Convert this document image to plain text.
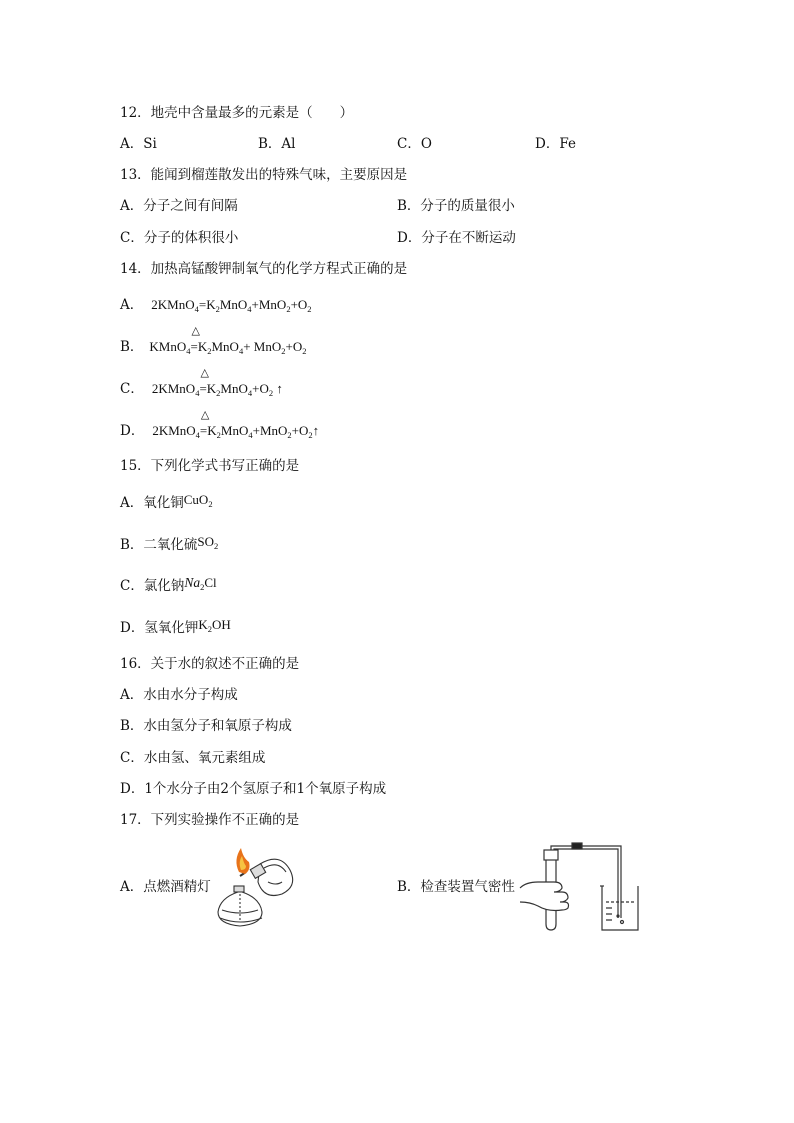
12．地壳中含量最多的元素是（　　）
A．Si	B．Al	C．O	D．Fe
13．能闻到榴莲散发出的特殊气味，主要原因是
A．分子之间有间隔	B．分子的质量很小
C．分子的体积很小	D．分子在不断运动
14．加热高锰酸钾制氧气的化学方程式正确的是
A． $2KMnO_4=K_2MnO_4+MnO_2+O_2$
B． KMnO$_4$
△
$=K_2MnO_4+ MnO_2+O_2$
C． 2KMnO$_4$
△
$=K_2MnO_4+O_2$ ↑
D． 2KMnO$_4$
△
$=K_2MnO_4+MnO_2+O_2↑$
15．下列化学式书写正确的是
A．氧化铜CuO$_2$
B．二氧化硫$SO_2$
C．氯化钠$Na_2Cl$
D．氢氧化钾$K_2OH$
16．关于水的叙述不正确的是
A．水由水分子构成
B．水由氢分子和氧原子构成
C．水由氢、氧元素组成
D．1个水分子由2个氢原子和1个氧原子构成
17．下列实验操作不正确的是
A．点燃酒精灯	B．检查装置气密性
